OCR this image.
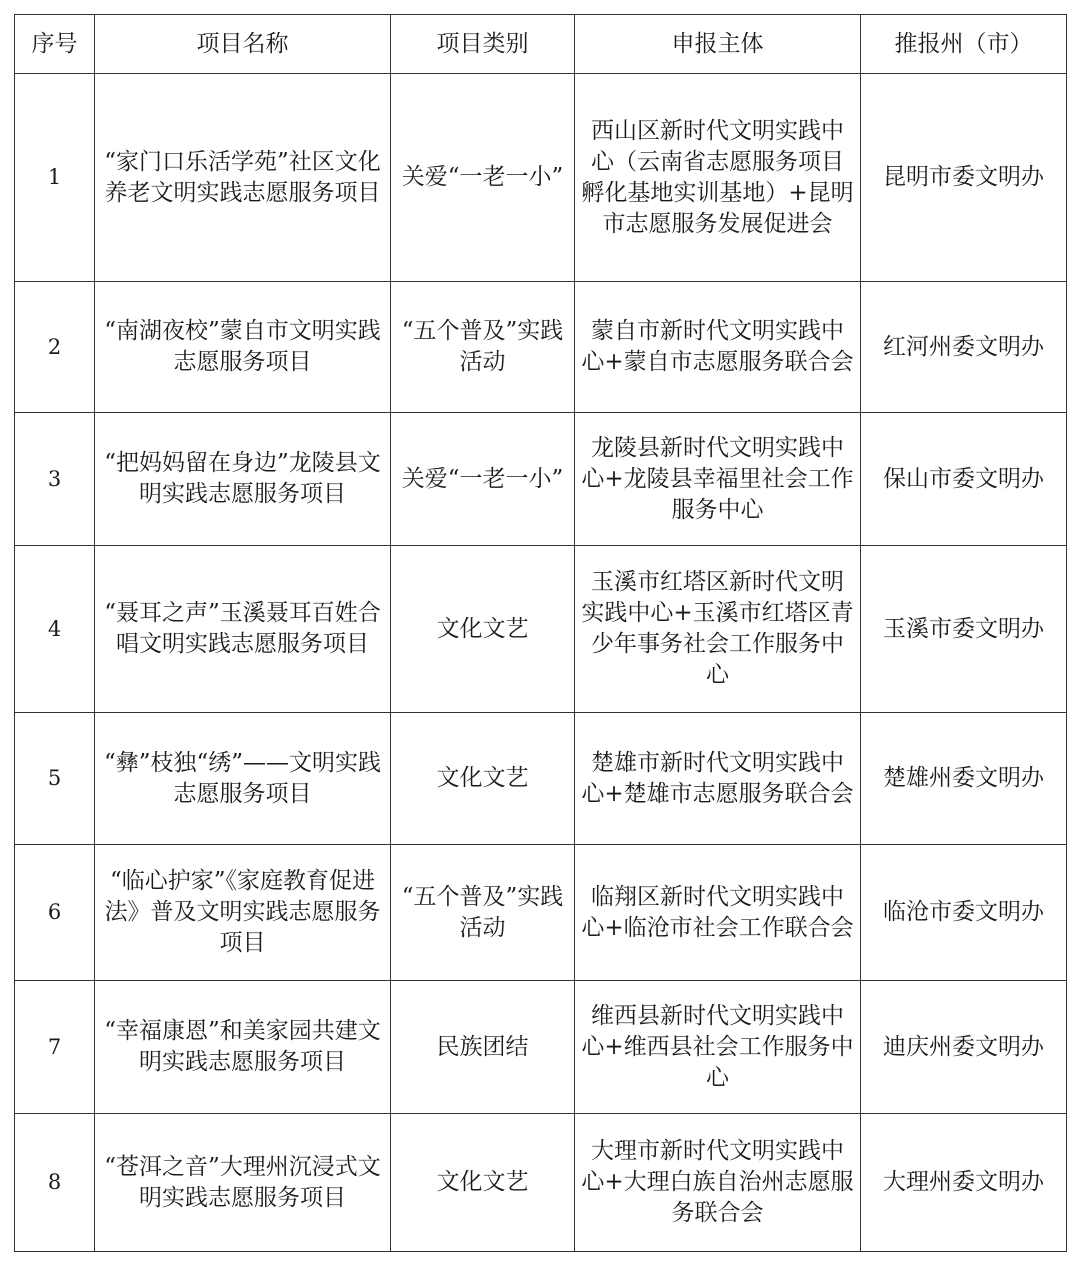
序号	项目名称	项目类别	申报主体	推报州（市）
1	“家门口乐活学苑”社区文化养老文明实践志愿服务项目	关爱“一老一小”	西山区新时代文明实践中心（云南省志愿服务项目孵化基地实训基地）+昆明市志愿服务发展促进会	昆明市委文明办
2	“南湖夜校”蒙自市文明实践志愿服务项目	“五个普及”实践活动	蒙自市新时代文明实践中心+蒙自市志愿服务联合会	红河州委文明办
3	“把妈妈留在身边”龙陵县文明实践志愿服务项目	关爱“一老一小”	龙陵县新时代文明实践中心+龙陵县幸福里社会工作服务中心	保山市委文明办
4	“聂耳之声”玉溪聂耳百姓合唱文明实践志愿服务项目	文化文艺	玉溪市红塔区新时代文明实践中心+玉溪市红塔区青少年事务社会工作服务中心	玉溪市委文明办
5	“彝”枝独“绣”——文明实践志愿服务项目	文化文艺	楚雄市新时代文明实践中心+楚雄市志愿服务联合会	楚雄州委文明办
6	“临心护家”《家庭教育促进法》普及文明实践志愿服务项目	“五个普及”实践活动	临翔区新时代文明实践中心+临沧市社会工作联合会	临沧市委文明办
7	“幸福康恩”和美家园共建文明实践志愿服务项目	民族团结	维西县新时代文明实践中心+维西县社会工作服务中心	迪庆州委文明办
8	“苍洱之音”大理州沉浸式文明实践志愿服务项目	文化文艺	大理市新时代文明实践中心+大理白族自治州志愿服务联合会	大理州委文明办
